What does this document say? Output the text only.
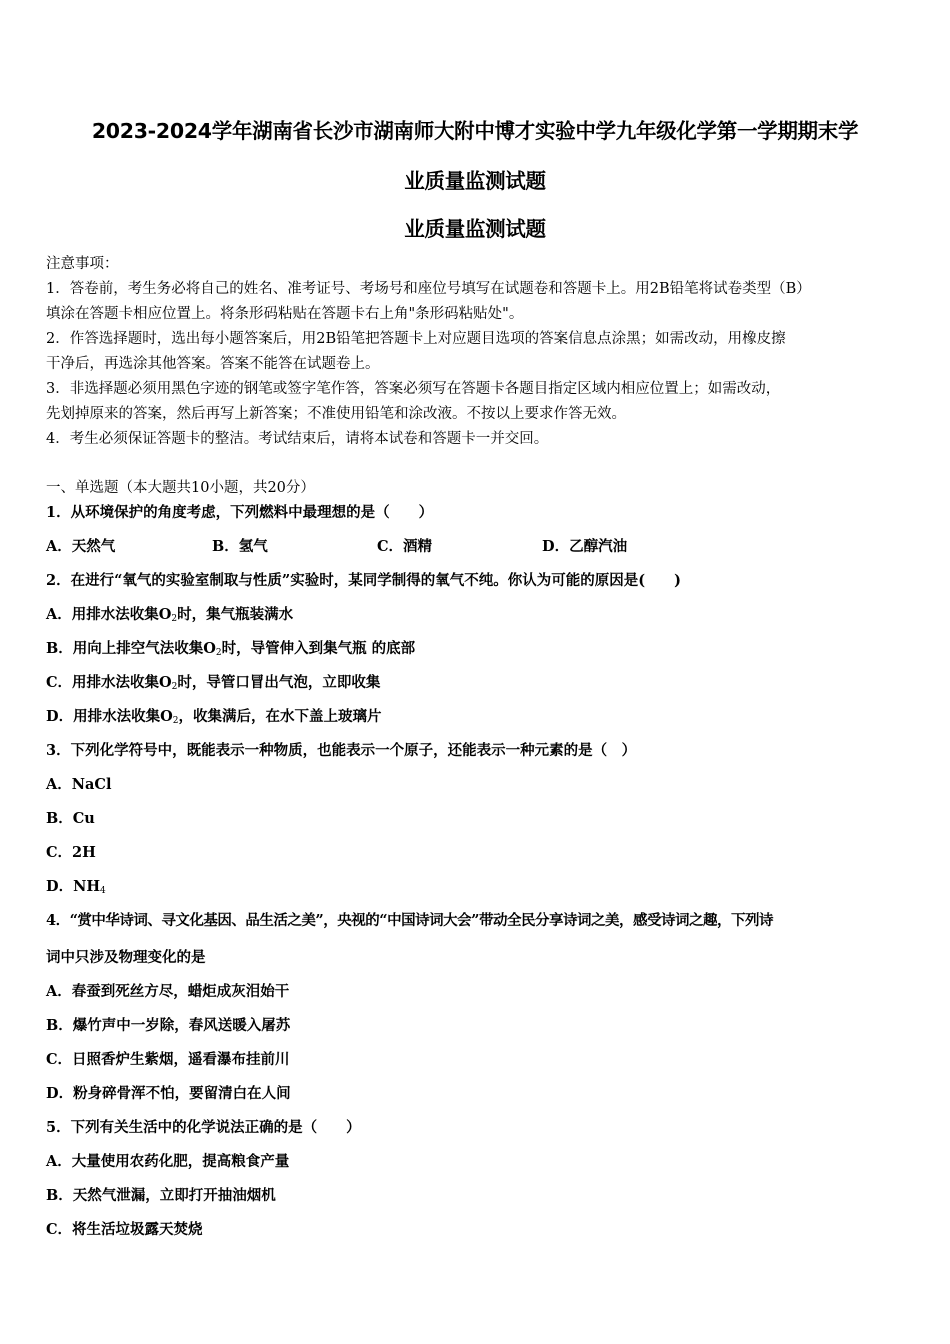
2023-2024学年湖南省长沙市湖南师大附中博才实验中学九年级化学第一学期期末学
业质量监测试题
业质量监测试题

注意事项：

1．答卷前，考生务必将自己的姓名、准考证号、考场号和座位号填写在试题卷和答题卡上。用2B铅笔将试卷类型（B）

填涂在答题卡相应位置上。将条形码粘贴在答题卡右上角"条形码粘贴处"。

2．作答选择题时，选出每小题答案后，用2B铅笔把答题卡上对应题目选项的答案信息点涂黑；如需改动，用橡皮擦

干净后，再选涂其他答案。答案不能答在试题卷上。

3．非选择题必须用黑色字迹的钢笔或签字笔作答，答案必须写在答题卡各题目指定区域内相应位置上；如需改动，

先划掉原来的答案，然后再写上新答案；不准使用铅笔和涂改液。不按以上要求作答无效。

4．考生必须保证答题卡的整洁。考试结束后，请将本试卷和答题卡一并交回。

一、单选题（本大题共10小题，共20分）
1．从环境保护的角度考虑，下列燃料中最理想的是（　　）
A．天然气	B．氢气	C．酒精	D．乙醇汽油
2．在进行“氧气的实验室制取与性质”实验时，某同学制得的氧气不纯。你认为可能的原因是(　　)
A．用排水法收集$O_2$时，集气瓶装满水
B．用向上排空气法收集$O_2$时，导管伸入到集气瓶 的底部
C．用排水法收集$O_2$时，导管口冒出气泡，立即收集
D．用排水法收集$O_2$，收集满后，在水下盖上玻璃片
3．下列化学符号中，既能表示一种物质，也能表示一个原子，还能表示一种元素的是（　）
A．NaCl
B．Cu
C．2H
D．$NH_4$
4．“赏中华诗词、寻文化基因、品生活之美”，央视的“中国诗词大会”带动全民分享诗词之美，感受诗词之趣，下列诗
词中只涉及物理变化的是
A．春蚕到死丝方尽，蜡炬成灰泪始干
B．爆竹声中一岁除，春风送暖入屠苏
C．日照香炉生紫烟，遥看瀑布挂前川
D．粉身碎骨浑不怕，要留清白在人间
5．下列有关生活中的化学说法正确的是（　　）
A．大量使用农药化肥，提高粮食产量
B．天然气泄漏，立即打开抽油烟机
C．将生活垃圾露天焚烧
